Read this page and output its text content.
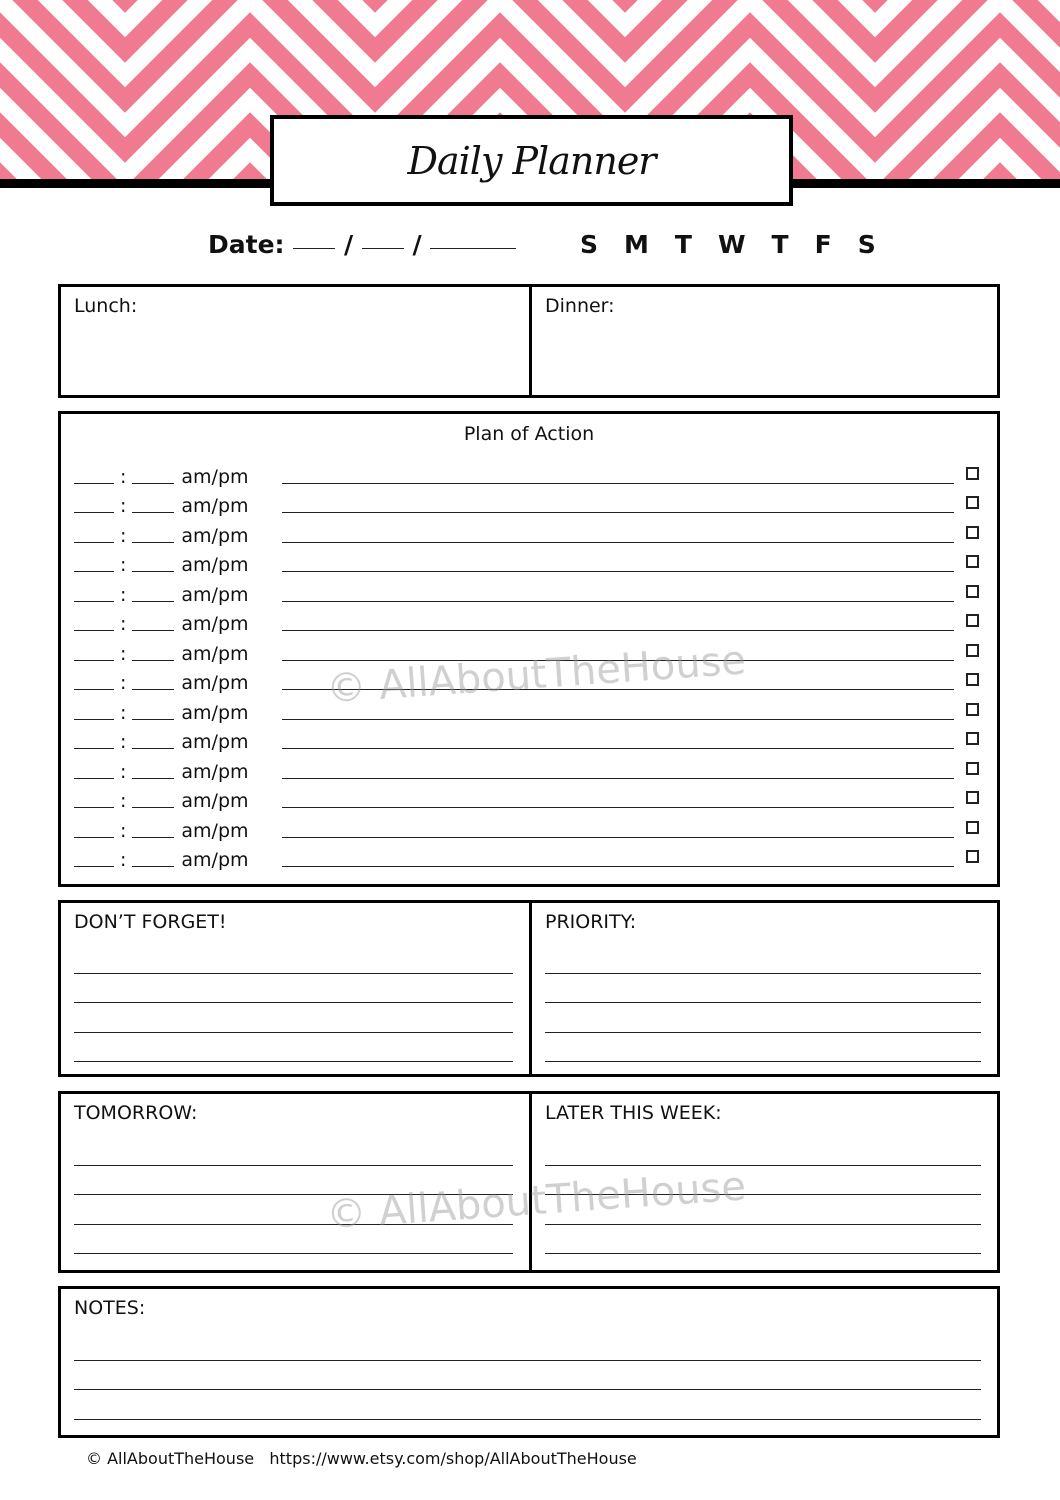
Daily Planner
Date: / /	S M T W T F S
Lunch:	Dinner:
Plan of Action
:	am/pm
:	am/pm
:	am/pm
:	am/pm
:	am/pm
:	am/pm
:	am/pm
:	am/pm
:	am/pm
:	am/pm
:	am/pm
:	am/pm
:	am/pm
:	am/pm
DON’T FORGET!	PRIORITY:
TOMORROW:	LATER THIS WEEK:
NOTES:
© AllAboutTheHouse
© AllAboutTheHouse
© AllAboutTheHouse https://www.etsy.com/shop/AllAboutTheHouse
